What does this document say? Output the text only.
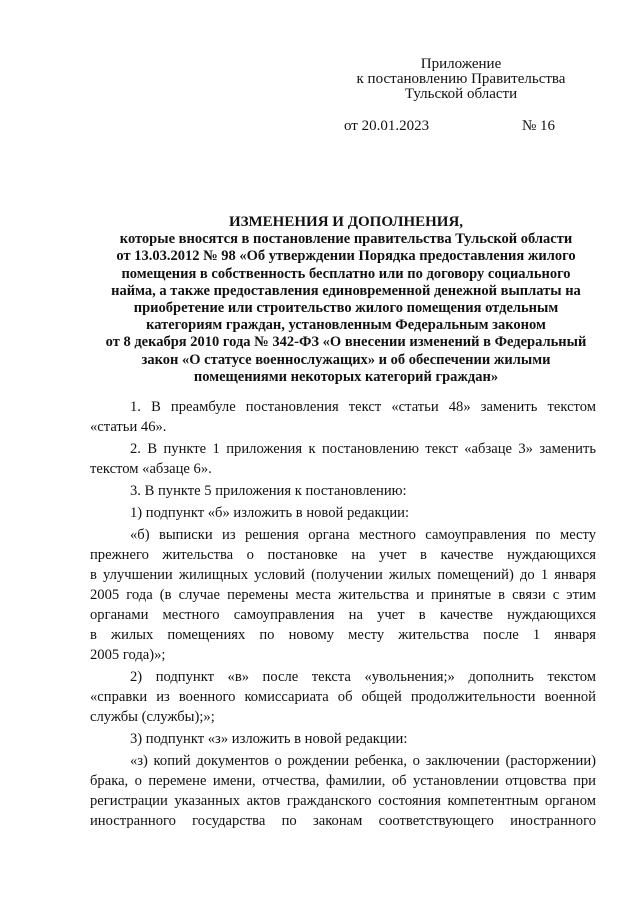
Приложение
к постановлению Правительства
Тульской области
от 20.01.2023	№ 16
ИЗМЕНЕНИЯ И ДОПОЛНЕНИЯ,
которые вносятся в постановление правительства Тульской области
от 13.03.2012 № 98 «Об утверждении Порядка предоставления жилого
помещения в собственность бесплатно или по договору социального
найма, а также предоставления единовременной денежной выплаты на
приобретение или строительство жилого помещения отдельным
категориям граждан, установленным Федеральным законом
от 8 декабря 2010 года № 342-ФЗ «О внесении изменений в Федеральный
закон «О статусе военнослужащих» и об обеспечении жилыми
помещениями некоторых категорий граждан»
1. В преамбуле постановления текст «статьи 48» заменить текстом
«статьи 46».
2. В пункте 1 приложения к постановлению текст «абзаце 3» заменить
текстом «абзаце 6».
3. В пункте 5 приложения к постановлению:
1) подпункт «б» изложить в новой редакции:
«б) выписки из решения органа местного самоуправления по месту
прежнего жительства о постановке на учет в качестве нуждающихся
в улучшении жилищных условий (получении жилых помещений) до 1 января
2005 года (в случае перемены места жительства и принятые в связи с этим
органами местного самоуправления на учет в качестве нуждающихся
в жилых помещениях по новому месту жительства после 1 января
2005 года)»;
2) подпункт «в» после текста «увольнения;» дополнить текстом
«справки из военного комиссариата об общей продолжительности военной
службы (службы);»;
3) подпункт «з» изложить в новой редакции:
«з) копий документов о рождении ребенка, о заключении (расторжении)
брака, о перемене имени, отчества, фамилии, об установлении отцовства при
регистрации указанных актов гражданского состояния компетентным органом
иностранного государства по законам соответствующего иностранного
